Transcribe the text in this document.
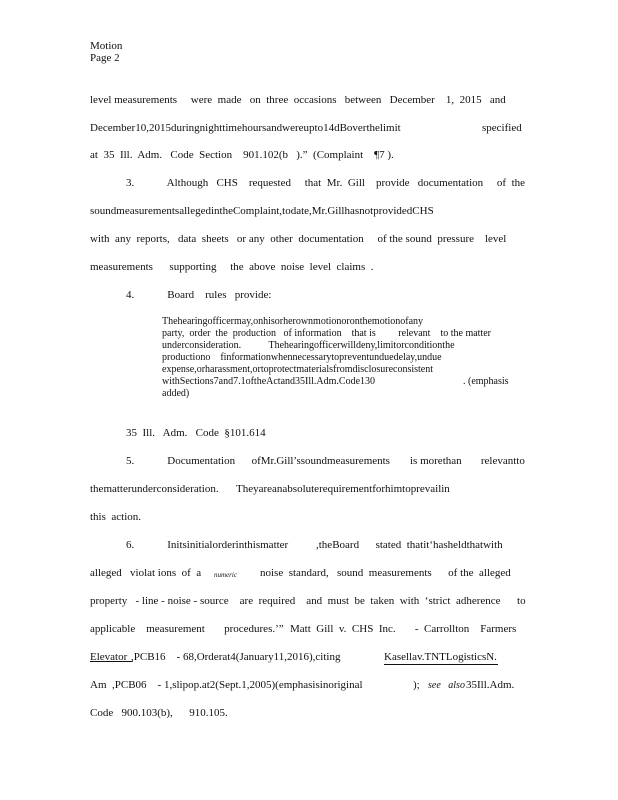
Motion

Page 2

level measurements     were  made   on  three  occasions   between   December    1,  2015   and

December10,2015duringnighttimehoursandwereupto14dBoverthelimit	specified

at  35  Ill.  Adm.   Code  Section    901.102(b   ).”  (Complaint    ¶7 ).

3.            Although   CHS    requested     that  Mr.  Gill    provide   documentation     of  the

soundmeasurementsallegedintheComplaint,todate,Mr.GillhasnotprovidedCHS

with  any  reports,   data  sheets   or any  other  documentation     of the sound  pressure    level

measurements      supporting     the  above  noise  level  claims  .

4.            Board    rules   provide:

Thehearingofficermay,onhisorherownmotionoronthemotionofany

party,  order  the  production   of information    that is         relevant    to the matter

underconsideration.           Thehearingofficerwilldeny,limitorconditionthe

productiono    finformationwhennecessarytopreventunduedelay,undue

expense,orharassment,ortoprotectmaterialsfromdisclosureconsistent

withSections7and7.1oftheActand35Ill.Adm.Code130	. (emphasis

added)

35  Ill.   Adm.   Code  §101.614

5.            Documentation      ofMr.Gill’ssoundmeasurements is morethan       relevantto

thematterunderconsideration. Theyareanabsoluterequirementforhimtoprevailin

this  action.

6.            Initsinitialorderinthismatter	,theBoard      stated  thatit‘hasheldthatwith

alleged   violat ions  of  a numeric noise  standard,   sound  measurements      of the  alleged

property   - line - noise - source    are  required    and  must  be  taken  with  ‘strict  adherence      to

applicable    measurement       procedures.’” Matt  Gill  v.  CHS  Inc.       -  Carrollton    Farmers

Elevator

,PCB16    - 68,Orderat4(January11,2016),citing	Kasellav.TNTLogisticsN.

Am  ,PCB06    - 1,slipop.at2(Sept.1,2005)(emphasisinoriginal	); see   also 35Ill.Adm.

Code   900.103(b),      910.105.
